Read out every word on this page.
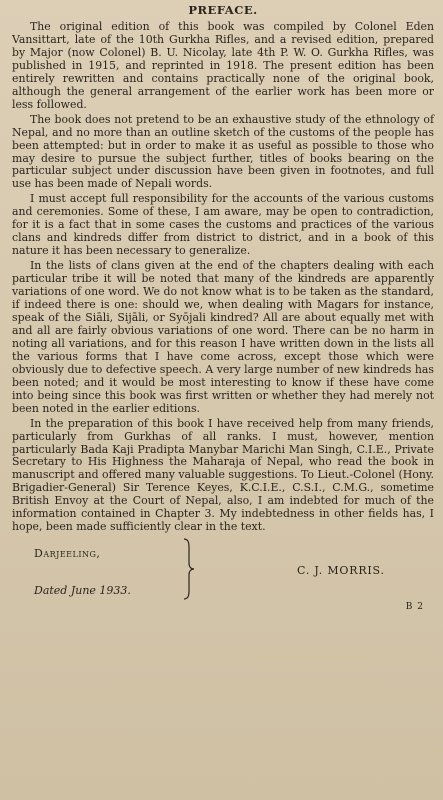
PREFACE.

The original edition of this book was compiled by Colonel Eden Vansittart, late of the 10th Gurkha Rifles, and a revised edition, prepared by Major (now Colonel) B. U. Nicolay, late 4th P. W. O. Gurkha Rifles, was published in 1915, and reprinted in 1918. The present edition has been entirely rewritten and contains practically none of the original book, although the general arrangement of the earlier work has been more or less followed.

The book does not pretend to be an exhaustive study of the ethnology of Nepal, and no more than an outline sketch of the customs of the people has been attempted: but in order to make it as useful as possible to those who may desire to pursue the subject further, titles of books bearing on the particular subject under discussion have been given in footnotes, and full use has been made of Nepali words.

I must accept full responsibility for the accounts of the various customs and ceremonies. Some of these, I am aware, may be open to contradiction, for it is a fact that in some cases the customs and practices of the various clans and kindreds differ from district to district, and in a book of this nature it has been necessary to generalize.

In the lists of clans given at the end of the chapters dealing with each particular tribe it will be noted that many of the kindreds are apparently variations of one word. We do not know what is to be taken as the standard, if indeed there is one: should we, when dealing with Magars for instance, speak of the Siāli, Sijāli, or Syōjali kindred? All are about equally met with and all are fairly obvious variations of one word. There can be no harm in noting all variations, and for this reason I have written down in the lists all the various forms that I have come across, except those which were obviously due to defective speech. A very large number of new kindreds has been noted; and it would be most interesting to know if these have come into being since this book was first written or whether they had merely not been noted in the earlier editions.

In the preparation of this book I have received help from many friends, particularly from Gurkhas of all ranks. I must, however, mention particularly Bada Kaji Pradipta Manybar Marichi Man Singh, C.I.E., Private Secretary to His Highness the Maharaja of Nepal, who read the book in manuscript and offered many valuable suggestions. To Lieut.-Colonel (Hony. Brigadier-General) Sir Terence Keyes, K.C.I.E., C.S.I., C.M.G., sometime British Envoy at the Court of Nepal, also, I am indebted for much of the information contained in Chapter 3. My indebtedness in other fields has, I hope, been made sufficiently clear in the text.

Darjeeling,
Dated June 1933.
C. J. MORRIS.
B 2
